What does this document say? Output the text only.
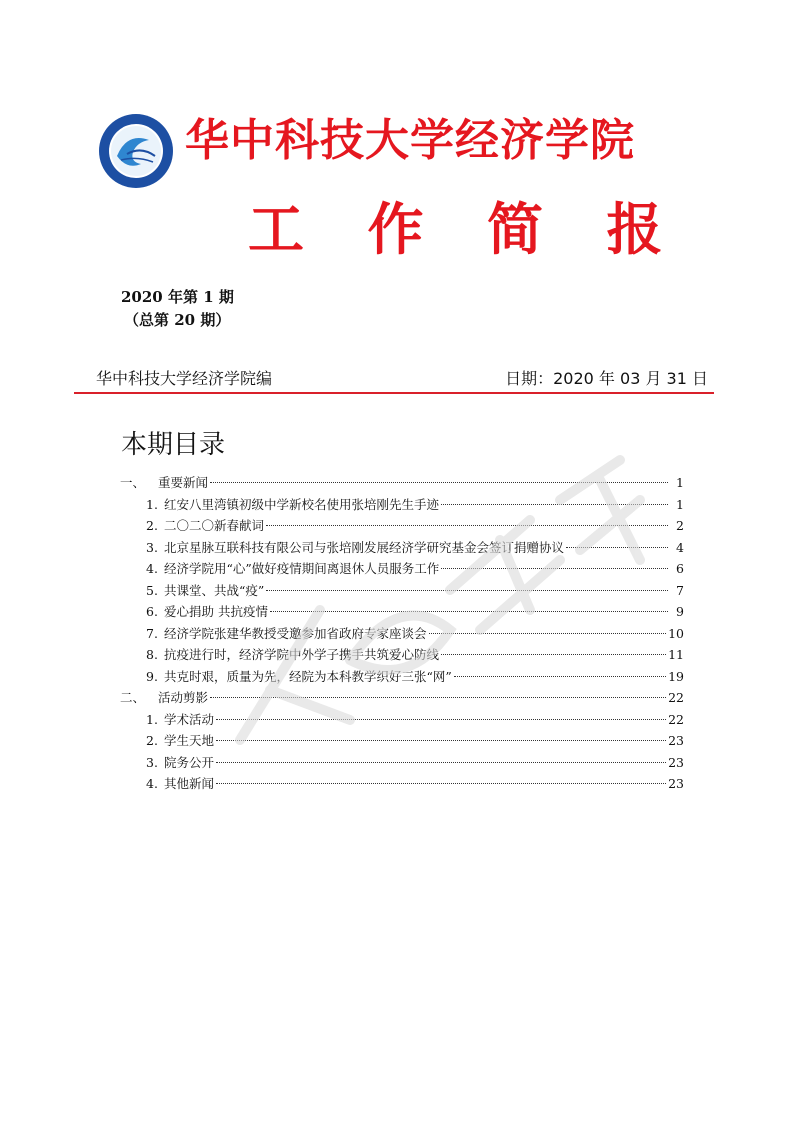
华中科技大学经济学院
工 作 简 报
2020 年第 1 期
（总第 20 期）
华中科技大学经济学院编	日期：2020 年 03 月 31 日
本期目录
一、	重要新闻	1
1. 红安八里湾镇初级中学新校名使用张培刚先生手迹	1
2. 二〇二〇新春献词	2
3. 北京星脉互联科技有限公司与张培刚发展经济学研究基金会签订捐赠协议	4
4. 经济学院用“心”做好疫情期间离退休人员服务工作	6
5. 共课堂、共战“疫”	7
6. 爱心捐助 共抗疫情	9
7. 经济学院张建华教授受邀参加省政府专家座谈会	10
8. 抗疫进行时，经济学院中外学子携手共筑爱心防线	11
9. 共克时艰，质量为先，经院为本科教学织好三张“网”	19
二、	活动剪影	22
1. 学术活动	22
2. 学生天地	23
3. 院务公开	23
4. 其他新闻	23
